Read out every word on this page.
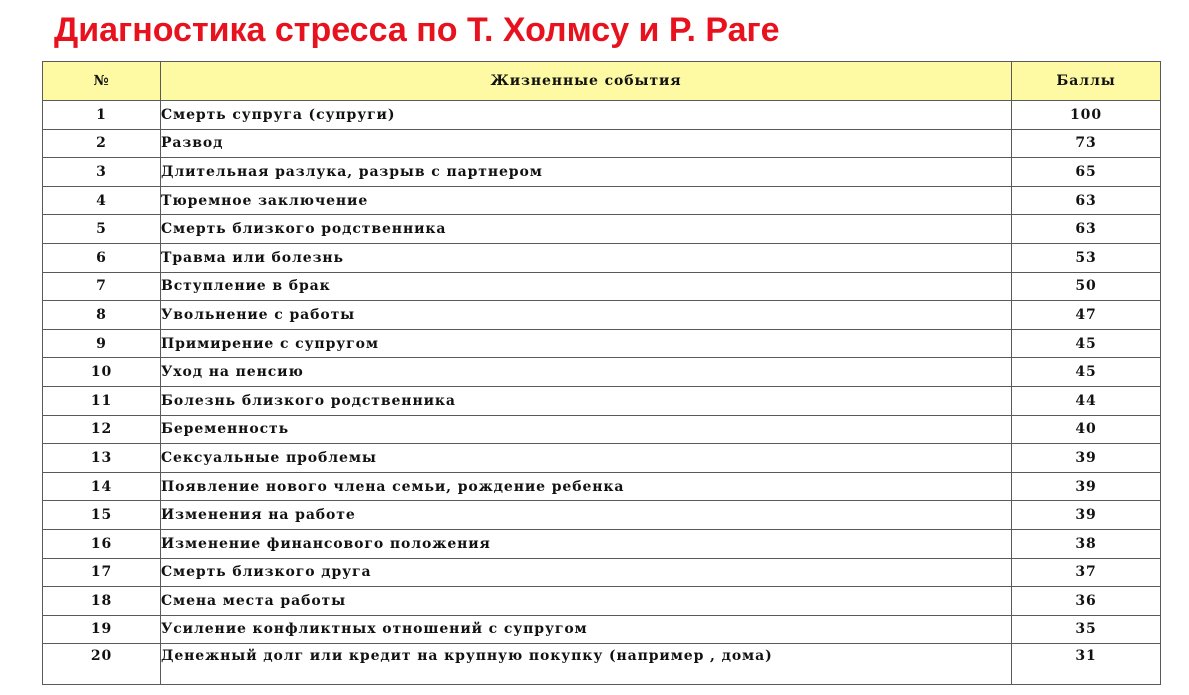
Диагностика стресса по Т. Холмсу и Р. Раге
№	Жизненные события	Баллы
1	Смерть супруга (супруги)	100
2	Развод	73
3	Длительная разлука, разрыв с партнером	65
4	Тюремное заключение	63
5	Смерть близкого родственника	63
6	Травма или болезнь	53
7	Вступление в брак	50
8	Увольнение с работы	47
9	Примирение с супругом	45
10	Уход на пенсию	45
11	Болезнь близкого родственника	44
12	Беременность	40
13	Сексуальные проблемы	39
14	Появление нового члена семьи, рождение ребенка	39
15	Изменения на работе	39
16	Изменение финансового положения	38
17	Смерть близкого друга	37
18	Смена места работы	36
19	Усиление конфликтных отношений с супругом	35
20	Денежный долг или кредит на крупную покупку (например , дома)	31
